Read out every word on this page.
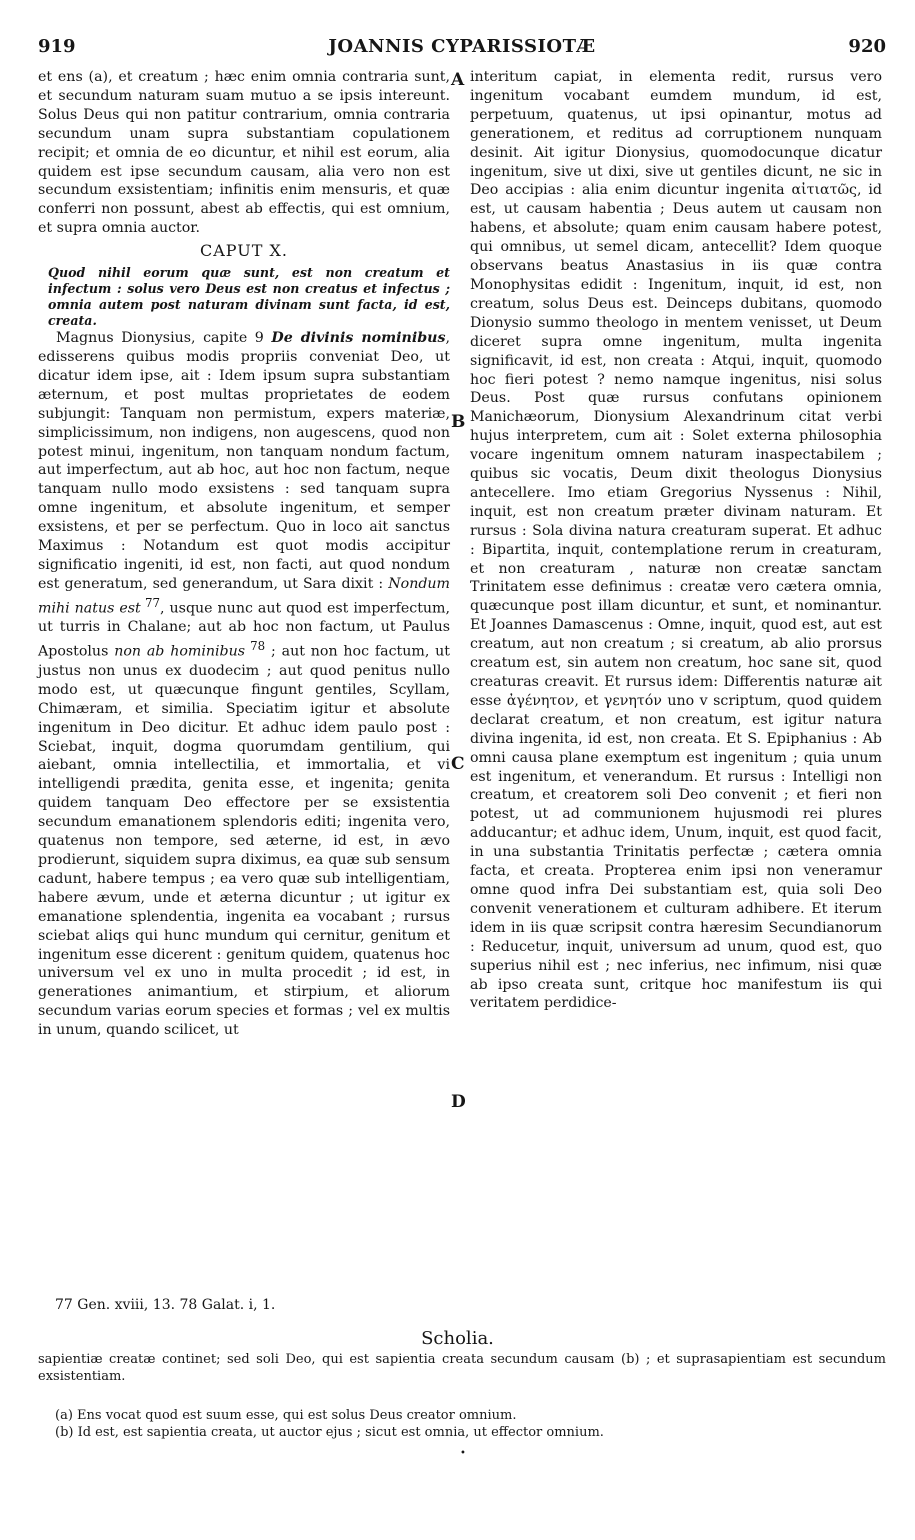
919	JOANNIS CYPARISSIOTÆ	920

et ens (a), et creatum ; hæc enim omnia contraria sunt, et secundum naturam suam mutuo a se ipsis intereunt. Solus Deus qui non patitur contrarium, omnia contraria secundum unam supra substantiam copulationem recipit; et omnia de eo dicuntur, et nihil est eorum, alia quidem est ipse secundum causam, alia vero non est secundum exsistentiam; infinitis enim mensuris, et quæ conferri non possunt, abest ab effectis, qui est omnium, et supra omnia auctor.

CAPUT X.

Quod nihil eorum quæ sunt, est non creatum et infectum : solus vero Deus est non creatus et infectus ; omnia autem post naturam divinam sunt facta, id est, creata.

Magnus Dionysius, capite 9 De divinis nominibus, edisserens quibus modis propriis conveniat Deo, ut dicatur idem ipse, ait : Idem ipsum supra substantiam æternum, et post multas proprietates de eodem subjungit: Tanquam non permistum, expers materiæ, simplicissimum, non indigens, non augescens, quod non potest minui, ingenitum, non tanquam nondum factum, aut imperfectum, aut ab hoc, aut hoc non factum, neque tanquam nullo modo exsistens : sed tanquam supra omne ingenitum, et absolute ingenitum, et semper exsistens, et per se perfectum. Quo in loco ait sanctus Maximus : Notandum est quot modis accipitur significatio ingeniti, id est, non facti, aut quod nondum est generatum, sed generandum, ut Sara dixit : Nondum mihi natus est $^{77}$, usque nunc aut quod est imperfectum, ut turris in Chalane; aut ab hoc non factum, ut Paulus Apostolus non ab hominibus $^{78}$ ; aut non hoc factum, ut justus non unus ex duodecim ; aut quod penitus nullo modo est, ut quæcunque fingunt gentiles, Scyllam, Chimæram, et similia. Speciatim igitur et absolute ingenitum in Deo dicitur. Et adhuc idem paulo post : Sciebat, inquit, dogma quorumdam gentilium, qui aiebant, omnia intellectilia, et immortalia, et vi intelligendi prædita, genita esse, et ingenita; genita quidem tanquam Deo effectore per se exsistentia secundum emanationem splendoris editi; ingenita vero, quatenus non tempore, sed æterne, id est, in ævo prodierunt, siquidem supra diximus, ea quæ sub sensum cadunt, habere tempus ; ea vero quæ sub intelligentiam, habere ævum, unde et æterna dicuntur ; ut igitur ex emanatione splendentia, ingenita ea vocabant ; rursus sciebat aliqs qui hunc mundum qui cernitur, genitum et ingenitum esse dicerent : genitum quidem, quatenus hoc universum vel ex uno in multa procedit ; id est, in generationes animantium, et stirpium, et aliorum secundum varias eorum species et formas ; vel ex multis in unum, quando scilicet, ut

A
B
C
D

interitum capiat, in elementa redit, rursus vero ingenitum vocabant eumdem mundum, id est, perpetuum, quatenus, ut ipsi opinantur, motus ad generationem, et reditus ad corruptionem nunquam desinit. Ait igitur Dionysius, quomodocunque dicatur ingenitum, sive ut dixi, sive ut gentiles dicunt, ne sic in Deo accipias : alia enim dicuntur ingenita αἰτιατῶς, id est, ut causam habentia ; Deus autem ut causam non habens, et absolute; quam enim causam habere potest, qui omnibus, ut semel dicam, antecellit? Idem quoque observans beatus Anastasius in iis quæ contra Monophysitas edidit : Ingenitum, inquit, id est, non creatum, solus Deus est. Deinceps dubitans, quomodo Dionysio summo theologo in mentem venisset, ut Deum diceret supra omne ingenitum, multa ingenita significavit, id est, non creata : Atqui, inquit, quomodo hoc fieri potest ? nemo namque ingenitus, nisi solus Deus. Post quæ rursus confutans opinionem Manichæorum, Dionysium Alexandrinum citat verbi hujus interpretem, cum ait : Solet externa philosophia vocare ingenitum omnem naturam inaspectabilem ; quibus sic vocatis, Deum dixit theologus Dionysius antecellere. Imo etiam Gregorius Nyssenus : Nihil, inquit, est non creatum præter divinam naturam. Et rursus : Sola divina natura creaturam superat. Et adhuc : Bipartita, inquit, contemplatione rerum in creaturam, et non creaturam , naturæ non creatæ sanctam Trinitatem esse definimus : creatæ vero cætera omnia, quæcunque post illam dicuntur, et sunt, et nominantur. Et Joannes Damascenus : Omne, inquit, quod est, aut est creatum, aut non creatum ; si creatum, ab alio prorsus creatum est, sin autem non creatum, hoc sane sit, quod creaturas creavit. Et rursus idem: Differentis naturæ ait esse ἀγένητον, et γενητόν uno v scriptum, quod quidem declarat creatum, et non creatum, est igitur natura divina ingenita, id est, non creata. Et S. Epiphanius : Ab omni causa plane exemptum est ingenitum ; quia unum est ingenitum, et venerandum. Et rursus : Intelligi non creatum, et creatorem soli Deo convenit ; et fieri non potest, ut ad communionem hujusmodi rei plures adducantur; et adhuc idem, Unum, inquit, est quod facit, in una substantia Trinitatis perfectæ ; cætera omnia facta, et creata. Propterea enim ipsi non veneramur omne quod infra Dei substantiam est, quia soli Deo convenit venerationem et culturam adhibere. Et iterum idem in iis quæ scripsit contra hæresim Secundianorum : Reducetur, inquit, universum ad unum, quod est, quo superius nihil est ; nec inferius, nec infimum, nisi quæ ab ipso creata sunt, critque hoc manifestum iis qui veritatem perdidice-

77 Gen. xviii, 13. 78 Galat. i, 1.
Scholia.
sapientiæ creatæ continet; sed soli Deo, qui est sapientia creata secundum causam (b) ; et suprasapientiam est secundum exsistentiam.

(a) Ens vocat quod est suum esse, qui est solus Deus creator omnium.

(b) Id est, est sapientia creata, ut auctor ejus ; sicut est omnia, ut effector omnium.

•
